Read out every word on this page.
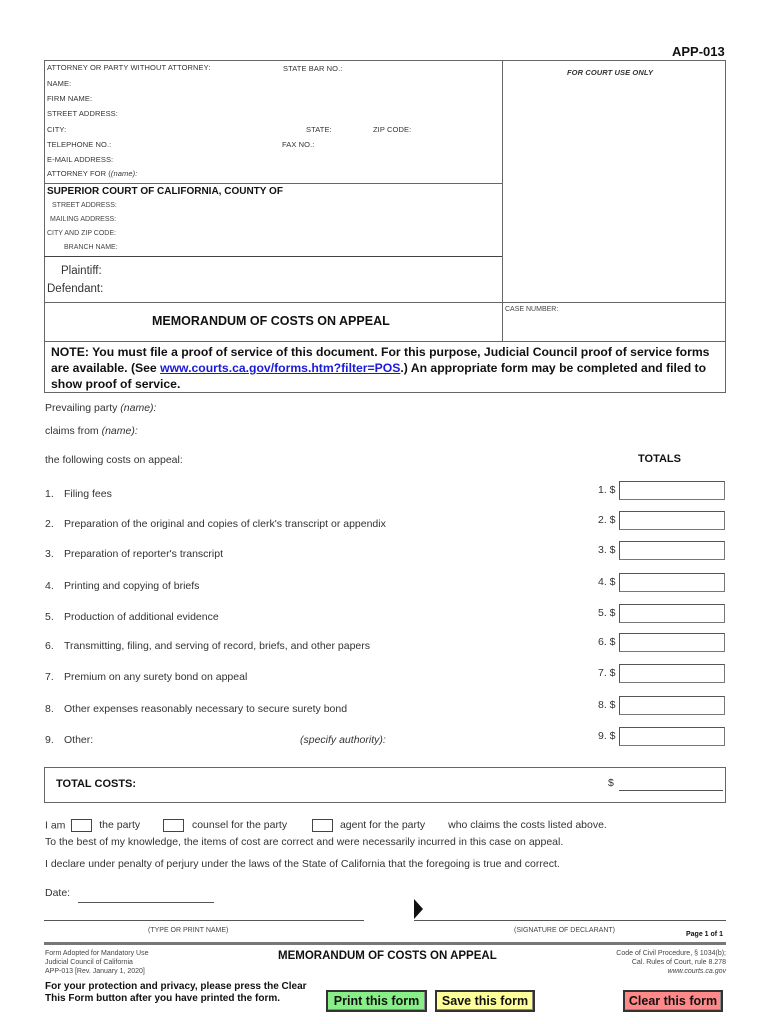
APP-013
ATTORNEY OR PARTY WITHOUT ATTORNEY:	STATE BAR NO.:	FOR COURT USE ONLY
NAME:
FIRM NAME:
STREET ADDRESS:
CITY:	STATE:	ZIP CODE:
TELEPHONE NO.:	FAX NO.:
E-MAIL ADDRESS:
ATTORNEY FOR ((name):
SUPERIOR COURT OF CALIFORNIA, COUNTY OF
STREET ADDRESS:
MAILING ADDRESS:
CITY AND ZIP CODE:
BRANCH NAME:
Plaintiff:
Defendant:
MEMORANDUM OF COSTS ON APPEAL
CASE NUMBER:
NOTE: You must file a proof of service of this document. For this purpose, Judicial Council proof of service forms are available. (See www.courts.ca.gov/forms.htm?filter=POS.) An appropriate form may be completed and filed to show proof of service.
Prevailing party (name):
claims from (name):
the following costs on appeal:	TOTALS
1. Filing fees	1. $
2. Preparation of the original and copies of clerk's transcript or appendix	2. $
3. Preparation of reporter's transcript	3. $
4. Printing and copying of briefs	4. $
5. Production of additional evidence	5. $
6. Transmitting, filing, and serving of record, briefs, and other papers	6. $
7. Premium on any surety bond on appeal	7. $
8. Other expenses reasonably necessary to secure surety bond	8. $
9. Other:	9. $
(specify authority):
TOTAL COSTS:	$
I am	the party	counsel for the party	agent for the party who claims the costs listed above.
To the best of my knowledge, the items of cost are correct and were necessarily incurred in this case on appeal.
I declare under penalty of perjury under the laws of the State of California that the foregoing is true and correct.
Date:
(TYPE OR PRINT NAME)	(SIGNATURE OF DECLARANT)
Page 1 of 1
Form Adopted for Mandatory Use
Judicial Council of California
APP-013 [Rev. January 1, 2020]
MEMORANDUM OF COSTS ON APPEAL	Code of Civil Procedure, § 1034(b);
Cal. Rules of Court, rule 8.278
www.courts.ca.gov
For your protection and privacy, please press the Clear
This Form button after you have printed the form.	Print this form	Save this form	Clear this form
